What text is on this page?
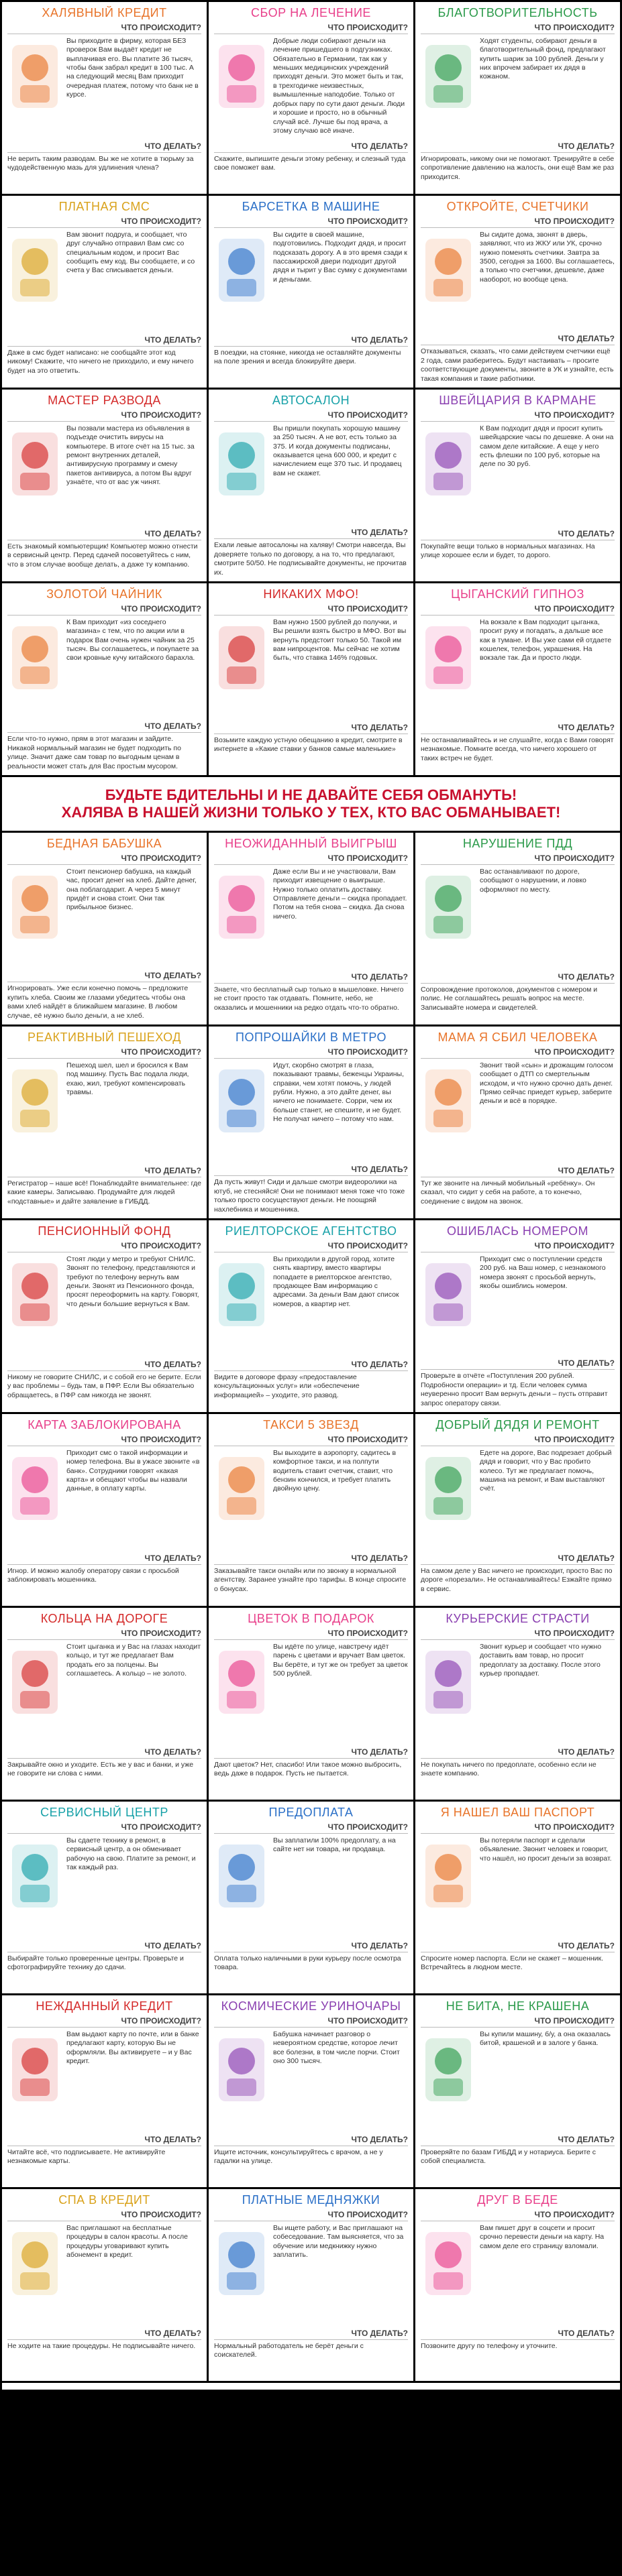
ХАЛЯВНЫЙ КРЕДИТ
ЧТО ПРОИСХОДИТ?
Вы приходите в фирму, которая БЕЗ проверок Вам выдаёт кредит не выплачивая его. Вы платите 36 тысяч, чтобы банк забрал кредит в 100 тыс. А на следующий месяц Вам приходит очередная платеж, потому что банк не в курсе.
ЧТО ДЕЛАТЬ?
Не верить таким разводам. Вы же не хотите в тюрьму за чудодейственную мазь для удлинения члена?
СБОР НА ЛЕЧЕНИЕ
ЧТО ПРОИСХОДИТ?
Добрые люди собирают деньги на лечение пришедшего в подгузниках. Обязательно в Германии, так как у меньших медицинских учреждений приходят деньги. Это может быть и так, в трехгодичке неизвестных, вымышленные наподобие. Только от добрых пару по сути дают деньги. Люди и хорошие и просто, но в обычный случай всё. Лучше бы под врача, а этому случаю всё иначе.
ЧТО ДЕЛАТЬ?
Скажите, выпишите деньги этому ребенку, и слезный туда свое поможет вам.
БЛАГОТВОРИТЕЛЬНОСТЬ
ЧТО ПРОИСХОДИТ?
Ходят студенты, собирают деньги в благотворительный фонд, предлагают купить шарик за 100 рублей. Деньги у них впрочем забирает их дядя в кожаном.
ЧТО ДЕЛАТЬ?
Игнорировать, никому они не помогают. Тренируйте в себе сопротивление давлению на жалость, они ещё Вам же раз приходится.
ПЛАТНАЯ СМС
ЧТО ПРОИСХОДИТ?
Вам звонит подруга, и сообщает, что друг случайно отправил Вам смс со специальным кодом, и просит Вас сообщить ему код. Вы сообщаете, и со счета у Вас списывается деньги.
ЧТО ДЕЛАТЬ?
Даже в смс будет написано: не сообщайте этот код никому! Скажите, что ничего не приходило, и ему ничего будет на это ответить.
БАРСЕТКА В МАШИНЕ
ЧТО ПРОИСХОДИТ?
Вы сидите в своей машине, подготовились. Подходит дядя, и просит подсказать дорогу. А в это время сзади к пассажирской двери подходит другой дядя и тырит у Вас сумку с документами и деньгами.
ЧТО ДЕЛАТЬ?
В поездки, на стоянке, никогда не оставляйте документы на поле зрения и всегда блокируйте двери.
ОТКРОЙТЕ, СЧЕТЧИКИ
ЧТО ПРОИСХОДИТ?
Вы сидите дома, звонят в дверь, заявляют, что из ЖКУ или УК, срочно нужно поменять счетчики. Завтра за 3500, сегодня за 1600. Вы соглашаетесь, а только что счетчики, дешевле, даже наоборот, но вообще цена.
ЧТО ДЕЛАТЬ?
Отказываться, сказать, что сами действуем счетчики ещё 2 года, сами разберитесь. Будут настаивать – просите соответствующие документы, звоните в УК и узнайте, есть такая компания и такие работники.
МАСТЕР РАЗВОДА
ЧТО ПРОИСХОДИТ?
Вы позвали мастера из объявления в подъезде очистить вирусы на компьютере. В итоге счёт на 15 тыс. за ремонт внутренних деталей, антивирусную программу и смену пакетов антивируса, а потом Вы вдруг узнаёте, что от вас уж чинят.
ЧТО ДЕЛАТЬ?
Есть знакомый компьютерщик! Компьютер можно отнести в сервисный центр. Перед сдачей посоветуйтесь с ним, что в этом случае вообще делать, а даже ту компанию.
АВТОСАЛОН
ЧТО ПРОИСХОДИТ?
Вы пришли покупать хорошую машину за 250 тысяч. А не вот, есть только за 375. И когда документы подписаны, оказывается цена 600 000, и кредит с начислением еще 370 тыс. И продавец вам не скажет.
ЧТО ДЕЛАТЬ?
Ехали левые автосалоны на халяву! Смотри навсегда, Вы доверяете только по договору, а на то, что предлагают, смотрите 50/50. Не подписывайте документы, не прочитав их.
ШВЕЙЦАРИЯ В КАРМАНЕ
ЧТО ПРОИСХОДИТ?
К Вам подходит дядя и просит купить швейцарские часы по дешевке. А они на самом деле китайские. А еще у него есть флешки по 100 руб, которые на деле по 30 руб.
ЧТО ДЕЛАТЬ?
Покупайте вещи только в нормальных магазинах. На улице хорошее если и будет, то дорого.
ЗОЛОТОЙ ЧАЙНИК
ЧТО ПРОИСХОДИТ?
К Вам приходит «из соседнего магазина» с тем, что по акции или в подарок Вам очень нужен чайник за 25 тысяч. Вы соглашаетесь, и покупаете за свои кровные кучу китайского барахла.
ЧТО ДЕЛАТЬ?
Если что-то нужно, прям в этот магазин и зайдите. Никакой нормальный магазин не будет подходить по улице. Значит даже сам товар по выгодным ценам в реальности может стать для Вас простым мусором.
НИКАКИХ МФО!
ЧТО ПРОИСХОДИТ?
Вам нужно 1500 рублей до получки, и Вы решили взять быстро в МФО. Вот вы вернуть предстоит только 50. Такой им вам нипроцентов. Мы сейчас не хотим быть, что ставка 146% годовых.
ЧТО ДЕЛАТЬ?
Возьмите каждую устную обещанию в кредит, смотрите в интернете в «Какие ставки у банков самые маленькие»
ЦЫГАНСКИЙ ГИПНОЗ
ЧТО ПРОИСХОДИТ?
На вокзале к Вам подходит цыганка, просит руку и погадать, а дальше все как в тумане. И Вы уже сами ей отдаете кошелек, телефон, украшения. На вокзале так. Да и просто люди.
ЧТО ДЕЛАТЬ?
Не останавливайтесь и не слушайте, когда с Вами говорят незнакомые. Помните всегда, что ничего хорошего от таких встреч не будет.
БУДЬТЕ БДИТЕЛЬНЫ И НЕ ДАВАЙТЕ СЕБЯ ОБМАНУТЬ!
ХАЛЯВА В НАШЕЙ ЖИЗНИ ТОЛЬКО У ТЕХ, КТО ВАС ОБМАНЫВАЕТ!
БЕДНАЯ БАБУШКА
ЧТО ПРОИСХОДИТ?
Стоит пенсионер бабушка, на каждый час, просит денег на хлеб. Дайте денег, она поблагодарит. А через 5 минут придёт и снова стоит. Они так прибыльное бизнес.
ЧТО ДЕЛАТЬ?
Игнорировать. Уже если конечно помочь – предложите купить хлеба. Своим же глазами убедитесь чтобы она вами хлеб найдёт в ближайшем магазине. В любом случае, её нужно было деньги, а не хлеб.
НЕОЖИДАННЫЙ ВЫИГРЫШ
ЧТО ПРОИСХОДИТ?
Даже если Вы и не участвовали, Вам приходит извещение о выигрыше. Нужно только оплатить доставку. Отправляете деньги – скидка пропадает. Потом на тебя снова – скидка. Да снова ничего.
ЧТО ДЕЛАТЬ?
Знаете, что бесплатный сыр только в мышеловке. Ничего не стоит просто так отдавать. Помните, небо, не оказались и мошенники на редко отдать что-то обратно.
НАРУШЕНИЕ ПДД
ЧТО ПРОИСХОДИТ?
Вас останавливают по дороге, сообщают о нарушении, и ловко оформляют по месту.
ЧТО ДЕЛАТЬ?
Сопровождение протоколов, документов с номером и полис. Не соглашайтесь решать вопрос на месте. Записывайте номера и свидетелей.
РЕАКТИВНЫЙ ПЕШЕХОД
ЧТО ПРОИСХОДИТ?
Пешеход шел, шел и бросился к Вам под машину. Пусть Вас подала люди, ехаю, жил, требуют компенсировать травмы.
ЧТО ДЕЛАТЬ?
Регистратор – наше всё! Понаблюдайте внимательнее: где какие камеры. Записываю. Продумайте для людей «подставные» и дайте заявление в ГИБДД.
ПОПРОШАЙКИ В МЕТРО
ЧТО ПРОИСХОДИТ?
Идут, скорбно смотрят в глаза, показывают травмы, беженцы Украины, справки, чем хотят помочь, у людей рубли. Нужно, а это дайте денег, вы ничего не понимаете. Сорри, чем их больше станет, не спешите, и не будет. Не получат ничего – потому что нам.
ЧТО ДЕЛАТЬ?
Да пусть живут! Сиди и дальше смотри видеоролики на ютуб, не стесняйся! Они не понимают меня тоже что тоже только просто сосуществуют деньги. Не поощряй нахлебника и мошенника.
МАМА Я СБИЛ ЧЕЛОВЕКА
ЧТО ПРОИСХОДИТ?
Звонит твой «сын» и дрожащим голосом сообщает о ДТП со смертельным исходом, и что нужно срочно дать денег. Прямо сейчас приедет курьер, заберите деньги и всё в порядке.
ЧТО ДЕЛАТЬ?
Тут же звоните на личный мобильный «ребёнку». Он сказал, что сидит у себя на работе, а то конечно, соединение с видом на звонок.
ПЕНСИОННЫЙ ФОНД
ЧТО ПРОИСХОДИТ?
Стоят люди у метро и требуют СНИЛС. Звонят по телефону, представляются и требуют по телефону вернуть вам деньги. Звонят из Пенсионного фонда, просят переоформить на карту. Говорят, что деньги большие вернуться к Вам.
ЧТО ДЕЛАТЬ?
Никому не говорите СНИЛС, и с собой его не берите. Если у вас проблемы – будь там, в ПФР. Если Вы обязательно обращаетесь, в ПФР сам никогда не звонят.
РИЕЛТОРСКОЕ АГЕНТСТВО
ЧТО ПРОИСХОДИТ?
Вы приходили в другой город, хотите снять квартиру, вместо квартиры попадаете в риелторское агентство, продающее Вам информацию с адресами. За деньги Вам дают список номеров, а квартир нет.
ЧТО ДЕЛАТЬ?
Видите в договоре фразу «предоставление консультационных услуг» или «обеспечение информацией» – уходите, это развод.
ОШИБЛАСЬ НОМЕРОМ
ЧТО ПРОИСХОДИТ?
Приходит смс о поступлении средств 200 руб. на Ваш номер, с незнакомого номера звонят с просьбой вернуть, якобы ошиблись номером.
ЧТО ДЕЛАТЬ?
Проверьте в отчёте «Поступления 200 рублей. Подробности операции» и тд. Если человек сумма неуверенно просит Вам вернуть деньги – пусть отправит запрос оператору связи.
КАРТА ЗАБЛОКИРОВАНА
ЧТО ПРОИСХОДИТ?
Приходит смс о такой информации и номер телефона. Вы в ужасе звоните «в банк». Сотрудники говорят «какая карта» и обещают чтобы вы назвали данные, в оплату карты.
ЧТО ДЕЛАТЬ?
Игнор. И можно жалобу оператору связи с просьбой заблокировать мошенника.
ТАКСИ 5 ЗВЕЗД
ЧТО ПРОИСХОДИТ?
Вы выходите в аэропорту, садитесь в комфортное такси, и на полпути водитель ставит счетчик, ставит, что бензин кончился, и требует платить двойную цену.
ЧТО ДЕЛАТЬ?
Заказывайте такси онлайн или по звонку в нормальной агентству. Заранее узнайте про тарифы. В конце спросите о бонусах.
ДОБРЫЙ ДЯДЯ И РЕМОНТ
ЧТО ПРОИСХОДИТ?
Едете на дороге, Вас подрезает добрый дядя и говорит, что у Вас пробито колесо. Тут же предлагает помочь, машина на ремонт, и Вам выставляют счёт.
ЧТО ДЕЛАТЬ?
На самом деле у Вас ничего не происходит, просто Вас по дороге «порезали». Не останавливайтесь! Езжайте прямо в сервис.
КОЛЬЦА НА ДОРОГЕ
ЧТО ПРОИСХОДИТ?
Стоит цыганка и у Вас на глазах находит кольцо, и тут же предлагает Вам продать его за полцены. Вы соглашаетесь. А кольцо – не золото.
ЧТО ДЕЛАТЬ?
Закрывайте окно и уходите. Есть же у вас и банки, и уже не говорите ни слова с ними.
ЦВЕТОК В ПОДАРОК
ЧТО ПРОИСХОДИТ?
Вы идёте по улице, навстречу идёт парень с цветами и вручает Вам цветок. Вы берёте, и тут же он требует за цветок 500 рублей.
ЧТО ДЕЛАТЬ?
Дают цветок? Нет, спасибо! Или такое можно выбросить, ведь даже в подарок. Пусть не пытается.
КУРЬЕРСКИЕ СТРАСТИ
ЧТО ПРОИСХОДИТ?
Звонит курьер и сообщает что нужно доставить вам товар, но просит предоплату за доставку. После этого курьер пропадает.
ЧТО ДЕЛАТЬ?
Не покупать ничего по предоплате, особенно если не знаете компанию.
СЕРВИСНЫЙ ЦЕНТР
ЧТО ПРОИСХОДИТ?
Вы сдаете технику в ремонт, в сервисный центр, а он обменивает рабочую на свою. Платите за ремонт, и так каждый раз.
ЧТО ДЕЛАТЬ?
Выбирайте только проверенные центры. Проверьте и сфотографируйте технику до сдачи.
ПРЕДОПЛАТА
ЧТО ПРОИСХОДИТ?
Вы заплатили 100% предоплату, а на сайте нет ни товара, ни продавца.
ЧТО ДЕЛАТЬ?
Оплата только наличными в руки курьеру после осмотра товара.
Я НАШЕЛ ВАШ ПАСПОРТ
ЧТО ПРОИСХОДИТ?
Вы потеряли паспорт и сделали объявление. Звонит человек и говорит, что нашёл, но просит деньги за возврат.
ЧТО ДЕЛАТЬ?
Спросите номер паспорта. Если не скажет – мошенник. Встречайтесь в людном месте.
НЕЖДАННЫЙ КРЕДИТ
ЧТО ПРОИСХОДИТ?
Вам выдают карту по почте, или в банке предлагают карту, которую Вы не оформляли. Вы активируете – и у Вас кредит.
ЧТО ДЕЛАТЬ?
Читайте всё, что подписываете. Не активируйте незнакомые карты.
КОСМИЧЕСКИЕ УРИНОЧАРЫ
ЧТО ПРОИСХОДИТ?
Бабушка начинает разговор о невероятном средстве, которое лечит все болезни, в том числе порчи. Стоит оно 300 тысяч.
ЧТО ДЕЛАТЬ?
Ищите источник, консультируйтесь с врачом, а не у гадалки на улице.
НЕ БИТА, НЕ КРАШЕНА
ЧТО ПРОИСХОДИТ?
Вы купили машину, б/у, а она оказалась битой, крашеной и в залоге у банка.
ЧТО ДЕЛАТЬ?
Проверяйте по базам ГИБДД и у нотариуса. Берите с собой специалиста.
СПА В КРЕДИТ
ЧТО ПРОИСХОДИТ?
Вас приглашают на бесплатные процедуры в салон красоты. А после процедуры уговаривают купить абонемент в кредит.
ЧТО ДЕЛАТЬ?
Не ходите на такие процедуры. Не подписывайте ничего.
ПЛАТНЫЕ МЕДНЯЖКИ
ЧТО ПРОИСХОДИТ?
Вы ищете работу, и Вас приглашают на собеседование. Там выясняется, что за обучение или медкнижку нужно заплатить.
ЧТО ДЕЛАТЬ?
Нормальный работодатель не берёт деньги с соискателей.
ДРУГ В БЕДЕ
ЧТО ПРОИСХОДИТ?
Вам пишет друг в соцсети и просит срочно перевести деньги на карту. На самом деле его страницу взломали.
ЧТО ДЕЛАТЬ?
Позвоните другу по телефону и уточните.
